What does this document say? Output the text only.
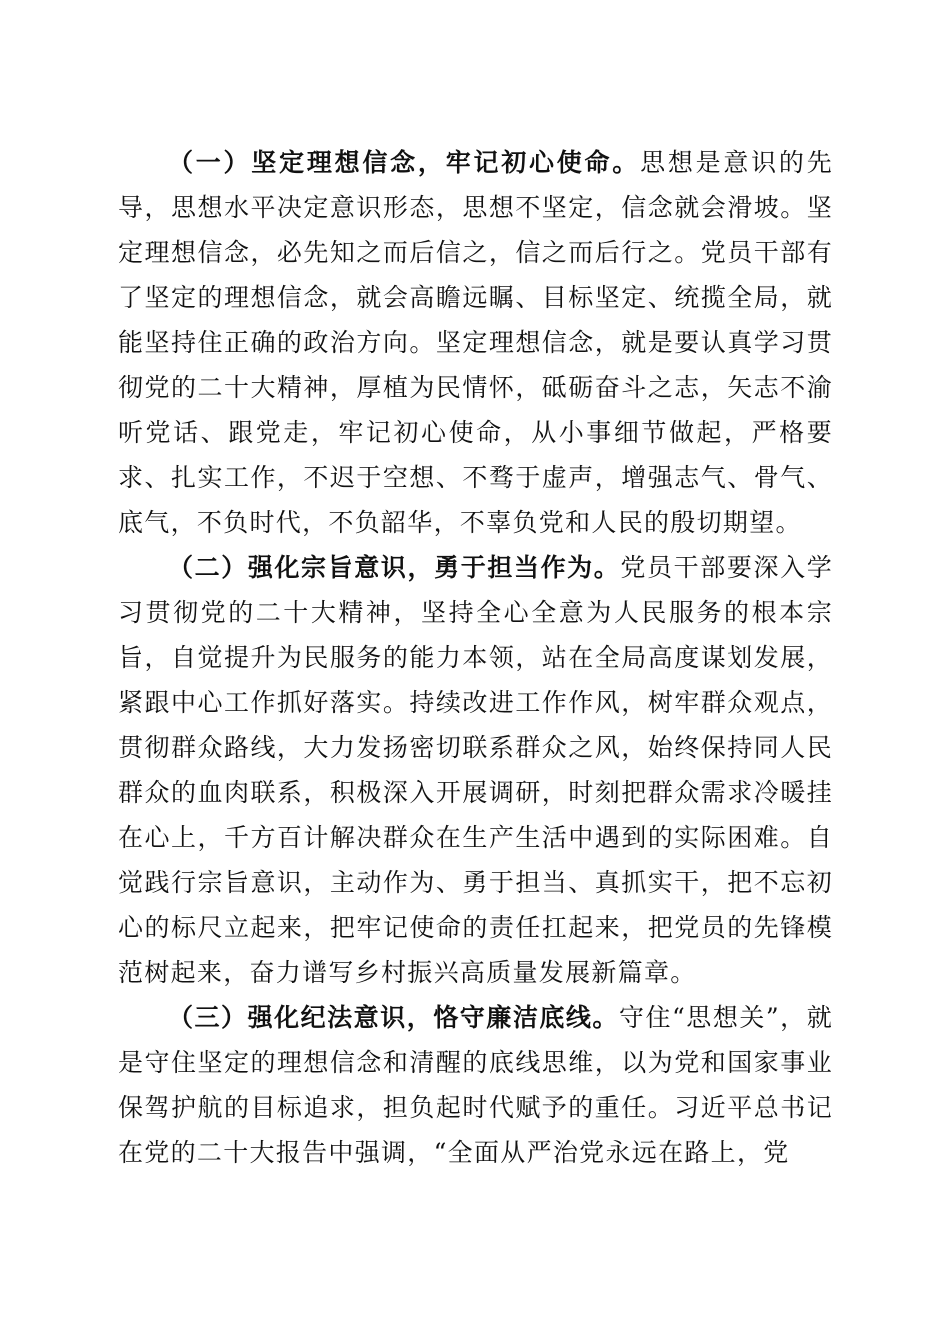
（一）坚定理想信念，牢记初心使命。思想是意识的先导，思想水平决定意识形态，思想不坚定，信念就会滑坡。坚定理想信念，必先知之而后信之，信之而后行之。党员干部有了坚定的理想信念，就会高瞻远瞩、目标坚定、统揽全局，就能坚持住正确的政治方向。坚定理想信念，就是要认真学习贯彻党的二十大精神，厚植为民情怀，砥砺奋斗之志，矢志不渝听党话、跟党走，牢记初心使命，从小事细节做起，严格要求、扎实工作，不迟于空想、不骛于虚声，增强志气、骨气、底气，不负时代，不负韶华，不辜负党和人民的殷切期望。

（二）强化宗旨意识，勇于担当作为。党员干部要深入学习贯彻党的二十大精神，坚持全心全意为人民服务的根本宗旨，自觉提升为民服务的能力本领，站在全局高度谋划发展，紧跟中心工作抓好落实。持续改进工作作风，树牢群众观点，贯彻群众路线，大力发扬密切联系群众之风，始终保持同人民群众的血肉联系，积极深入开展调研，时刻把群众需求冷暖挂在心上，千方百计解决群众在生产生活中遇到的实际困难。自觉践行宗旨意识，主动作为、勇于担当、真抓实干，把不忘初心的标尺立起来，把牢记使命的责任扛起来，把党员的先锋模范树起来，奋力谱写乡村振兴高质量发展新篇章。

（三）强化纪法意识，恪守廉洁底线。守住“思想关”，就是守住坚定的理想信念和清醒的底线思维，以为党和国家事业保驾护航的目标追求，担负起时代赋予的重任。习近平总书记在党的二十大报告中强调，“全面从严治党永远在路上，党
